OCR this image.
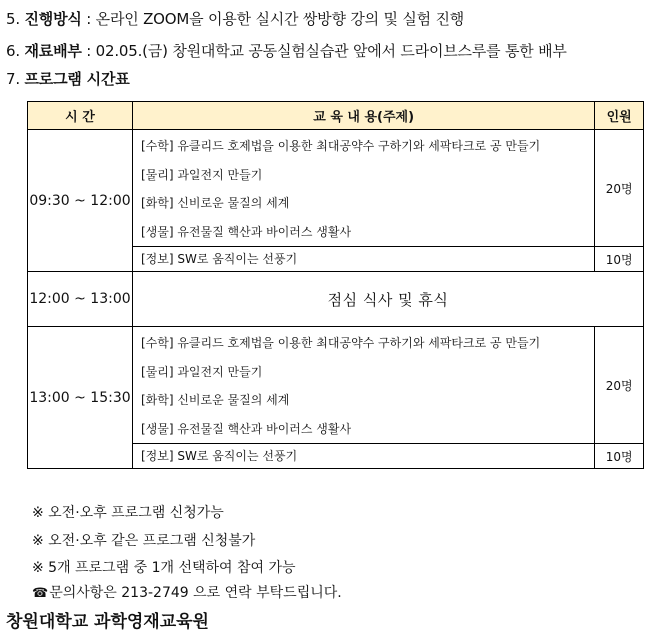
5. 진행방식 : 온라인 ZOOM을 이용한 실시간 쌍방향 강의 및 실험 진행
6. 재료배부 : 02.05.(금) 창원대학교 공동실험실습관 앞에서 드라이브스루를 통한 배부
7. 프로그램 시간표
시 간	교 육 내 용(주제)	인원
09:30 ~ 12:00	[수학] 유클리드 호제법을 이용한 최대공약수 구하기와 세팍타크로 공 만들기
[물리] 과일전지 만들기
[화학] 신비로운 물질의 세계
[생물] 유전물질 핵산과 바이러스 생활사	20명

	[정보] SW로 움직이는 선풍기	10명
12:00 ~ 13:00	점심 식사 및 휴식	
13:00 ~ 15:30	[수학] 유클리드 호제법을 이용한 최대공약수 구하기와 세팍타크로 공 만들기
[물리] 과일전지 만들기
[화학] 신비로운 물질의 세계
[생물] 유전물질 핵산과 바이러스 생활사	20명

	[정보] SW로 움직이는 선풍기	10명
※ 오전·오후 프로그램 신청가능
※ 오전·오후 같은 프로그램 신청불가
※ 5개 프로그램 중 1개 선택하여 참여 가능
☎문의사항은 213-2749 으로 연락 부탁드립니다.
창원대학교 과학영재교육원
